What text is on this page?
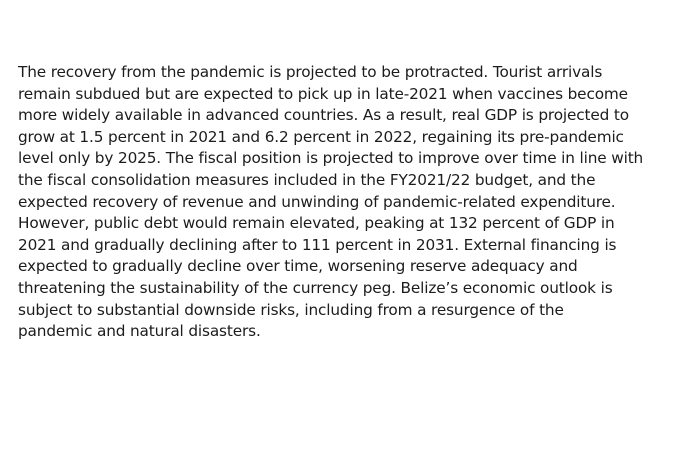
The recovery from the pandemic is projected to be protracted. Tourist arrivals
remain subdued but are expected to pick up in late-2021 when vaccines become
more widely available in advanced countries. As a result, real GDP is projected to
grow at 1.5 percent in 2021 and 6.2 percent in 2022, regaining its pre-pandemic
level only by 2025. The fiscal position is projected to improve over time in line with
the fiscal consolidation measures included in the FY2021/22 budget, and the
expected recovery of revenue and unwinding of pandemic-related expenditure.
However, public debt would remain elevated, peaking at 132 percent of GDP in
2021 and gradually declining after to 111 percent in 2031. External financing is
expected to gradually decline over time, worsening reserve adequacy and
threatening the sustainability of the currency peg. Belize’s economic outlook is
subject to substantial downside risks, including from a resurgence of the
pandemic and natural disasters.
